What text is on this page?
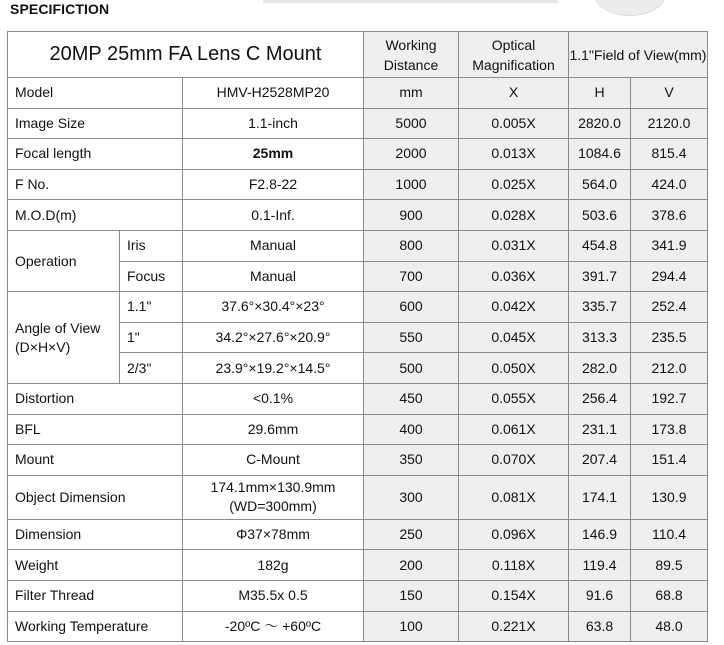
SPECIFICTION
20MP 25mm FA Lens C Mount			Working Distance	Optical Magnification	1.1"Field of View(mm)	
Model		HMV-H2528MP20	mm	X	H	V
Image Size		1.1-inch	5000	0.005X	2820.0	2120.0
Focal length		25mm	2000	0.013X	1084.6	815.4
F No.		F2.8-22	1000	0.025X	564.0	424.0
M.O.D(m)		0.1-Inf.	900	0.028X	503.6	378.6
Operation	Iris	Manual	800	0.031X	454.8	341.9
	Focus	Manual	700	0.036X	391.7	294.4
Angle of View (D×H×V)	1.1"	37.6°×30.4°×23°	600	0.042X	335.7	252.4
	1"	34.2°×27.6°×20.9°	550	0.045X	313.3	235.5
	2/3"	23.9°×19.2°×14.5°	500	0.050X	282.0	212.0
Distortion		<0.1%	450	0.055X	256.4	192.7
BFL		29.6mm	400	0.061X	231.1	173.8
Mount		C-Mount	350	0.070X	207.4	151.4
Object Dimension		174.1mm×130.9mm (WD=300mm)	300	0.081X	174.1	130.9
Dimension		Φ37×78mm	250	0.096X	146.9	110.4
Weight		182g	200	0.118X	119.4	89.5
Filter Thread		M35.5x 0.5	150	0.154X	91.6	68.8
Working Temperature		-20ºC ～ +60ºC	100	0.221X	63.8	48.0
